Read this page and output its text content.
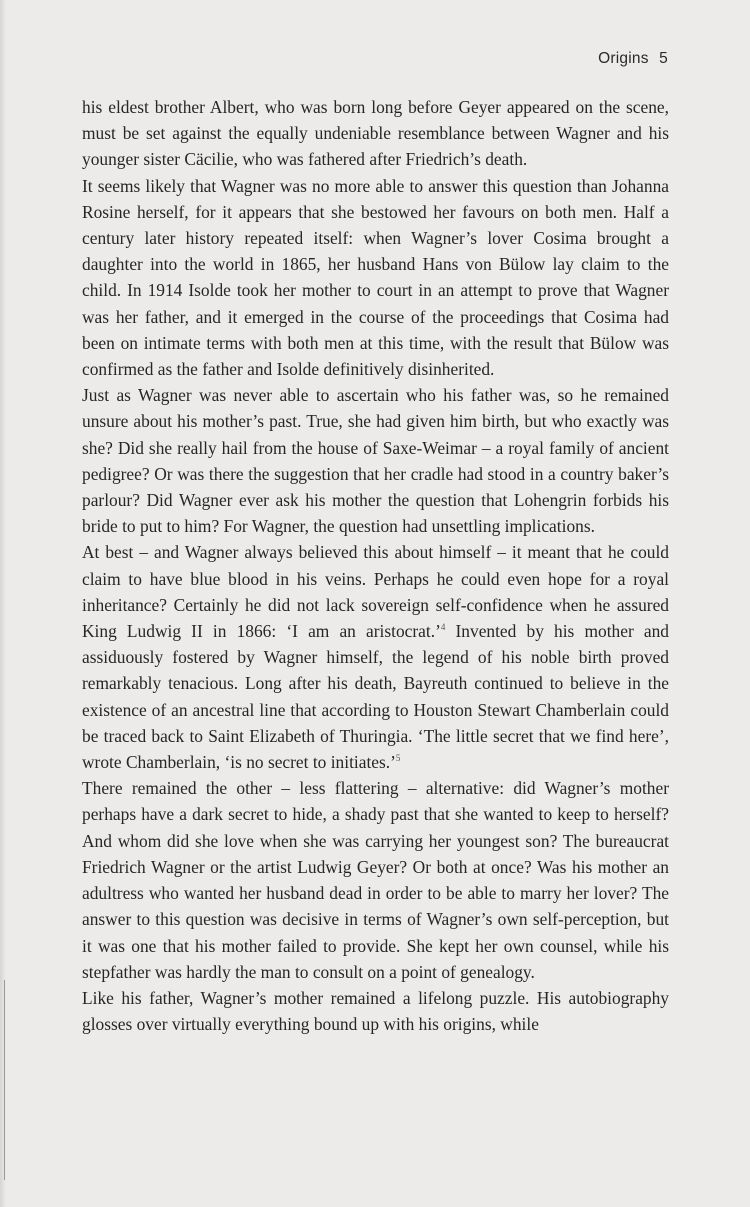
Origins 5

his eldest brother Albert, who was born long before Geyer appeared on the scene, must be set against the equally undeniable resemblance between Wagner and his younger sister Cäcilie, who was fathered after Friedrich’s death.

It seems likely that Wagner was no more able to answer this question than Johanna Rosine herself, for it appears that she bestowed her favours on both men. Half a century later history repeated itself: when Wagner’s lover Cosima brought a daughter into the world in 1865, her husband Hans von Bülow lay claim to the child. In 1914 Isolde took her mother to court in an attempt to prove that Wagner was her father, and it emerged in the course of the proceedings that Cosima had been on intimate terms with both men at this time, with the result that Bülow was confirmed as the father and Isolde definitively disinherited.

Just as Wagner was never able to ascertain who his father was, so he remained unsure about his mother’s past. True, she had given him birth, but who exactly was she? Did she really hail from the house of Saxe-Weimar – a royal family of ancient pedigree? Or was there the suggestion that her cradle had stood in a country baker’s parlour? Did Wagner ever ask his mother the question that Lohengrin forbids his bride to put to him? For Wagner, the question had unsettling implications.

At best – and Wagner always believed this about himself – it meant that he could claim to have blue blood in his veins. Perhaps he could even hope for a royal inheritance? Certainly he did not lack sovereign self-confidence when he assured King Ludwig II in 1866: ‘I am an aristocrat.’$^4$ Invented by his mother and assiduously fostered by Wagner himself, the legend of his noble birth proved remarkably tenacious. Long after his death, Bayreuth continued to believe in the existence of an ancestral line that according to Houston Stewart Chamberlain could be traced back to Saint Elizabeth of Thuringia. ‘The little secret that we find here’, wrote Chamberlain, ‘is no secret to initiates.’$^5$

There remained the other – less flattering – alternative: did Wagner’s mother perhaps have a dark secret to hide, a shady past that she wanted to keep to herself? And whom did she love when she was carrying her youngest son? The bureaucrat Friedrich Wagner or the artist Ludwig Geyer? Or both at once? Was his mother an adultress who wanted her husband dead in order to be able to marry her lover? The answer to this question was decisive in terms of Wagner’s own self-perception, but it was one that his mother failed to provide. She kept her own counsel, while his stepfather was hardly the man to consult on a point of genealogy.

Like his father, Wagner’s mother remained a lifelong puzzle. His autobiography glosses over virtually everything bound up with his origins, while
